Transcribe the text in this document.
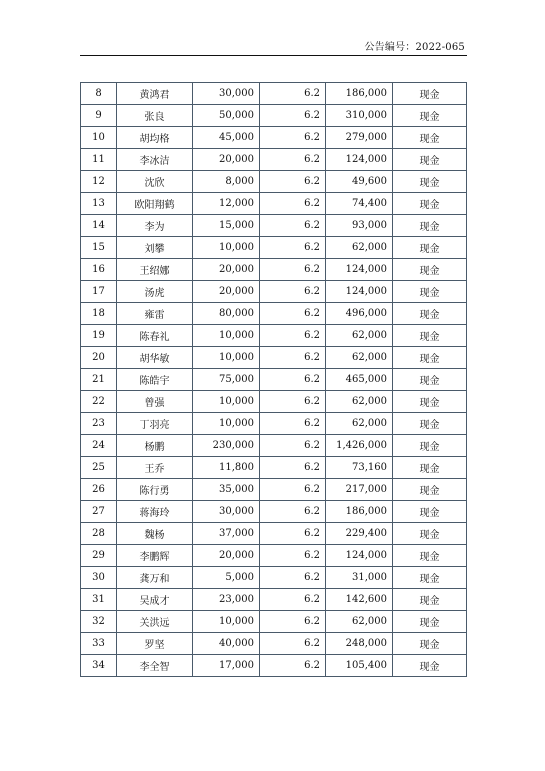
公告编号：2022-065
8	黄鸿君	30,000	6.2	186,000	现金
9	张良	50,000	6.2	310,000	现金
10	胡均格	45,000	6.2	279,000	现金
11	李冰洁	20,000	6.2	124,000	现金
12	沈欣	8,000	6.2	49,600	现金
13	欧阳翔鹤	12,000	6.2	74,400	现金
14	李为	15,000	6.2	93,000	现金
15	刘攀	10,000	6.2	62,000	现金
16	王绍娜	20,000	6.2	124,000	现金
17	汤虎	20,000	6.2	124,000	现金
18	雍雷	80,000	6.2	496,000	现金
19	陈春礼	10,000	6.2	62,000	现金
20	胡华敏	10,000	6.2	62,000	现金
21	陈皓宇	75,000	6.2	465,000	现金
22	曾强	10,000	6.2	62,000	现金
23	丁羽亮	10,000	6.2	62,000	现金
24	杨鹏	230,000	6.2	1,426,000	现金
25	王乔	11,800	6.2	73,160	现金
26	陈行勇	35,000	6.2	217,000	现金
27	蒋海玲	30,000	6.2	186,000	现金
28	魏杨	37,000	6.2	229,400	现金
29	李鹏辉	20,000	6.2	124,000	现金
30	龚万和	5,000	6.2	31,000	现金
31	吴成才	23,000	6.2	142,600	现金
32	关洪远	10,000	6.2	62,000	现金
33	罗坚	40,000	6.2	248,000	现金
34	李全智	17,000	6.2	105,400	现金
